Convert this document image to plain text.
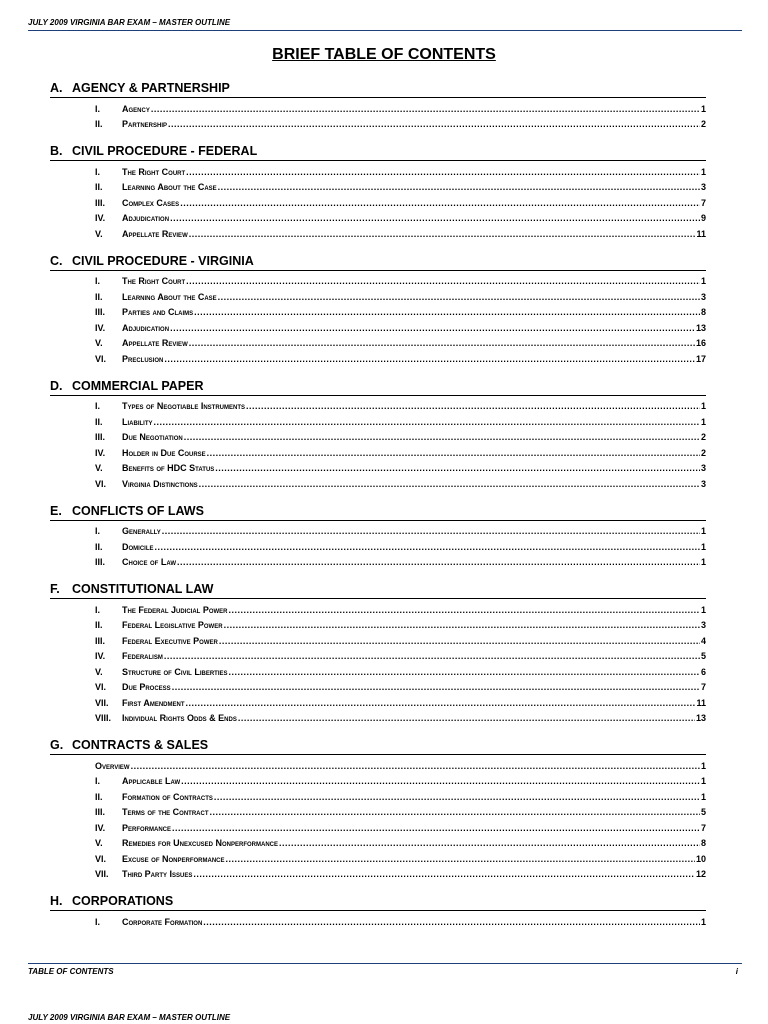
JULY 2009 VIRGINIA BAR EXAM – MASTER OUTLINE
BRIEF TABLE OF CONTENTS
A. AGENCY & PARTNERSHIP
I.	Agency .....	1
II.	Partnership .....	2
B. CIVIL PROCEDURE - FEDERAL
I.	The Right Court .....	1
II.	Learning About the Case .....	3
III.	Complex Cases .....	7
IV.	Adjudication .....	9
V.	Appellate Review .....	11
C. CIVIL PROCEDURE - VIRGINIA
I.	The Right Court .....	1
II.	Learning About the Case .....	3
III.	Parties and Claims .....	8
IV.	Adjudication .....	13
V.	Appellate Review .....	16
VI.	Preclusion .....	17
D. COMMERCIAL PAPER
I.	Types of Negotiable Instruments .....	1
II.	Liability .....	1
III.	Due Negotiation .....	2
IV.	Holder in Due Course .....	2
V.	Benefits of HDC Status .....	3
VI.	Virginia Distinctions .....	3
E. CONFLICTS OF LAWS
I.	Generally .....	1
II.	Domicile .....	1
III.	Choice of Law .....	1
F. CONSTITUTIONAL LAW
I.	The Federal Judicial Power .....	1
II.	Federal Legislative Power .....	3
III.	Federal Executive Power .....	4
IV.	Federalism .....	5
V.	Structure of Civil Liberties .....	6
VI.	Due Process .....	7
VII.	First Amendment .....	11
VIII.	Individual Rights Odds & Ends .....	13
G. CONTRACTS & SALES
Overview .....	1
I.	Applicable Law .....	1
II.	Formation of Contracts .....	1
III.	Terms of the Contract .....	5
IV.	Performance .....	7
V.	Remedies for Unexcused Nonperformance .....	8
VI.	Excuse of Nonperformance .....	10
VII.	Third Party Issues .....	12
H. CORPORATIONS
I.	Corporate Formation .....	1
TABLE OF CONTENTS	i
JULY 2009 VIRGINIA BAR EXAM – MASTER OUTLINE
